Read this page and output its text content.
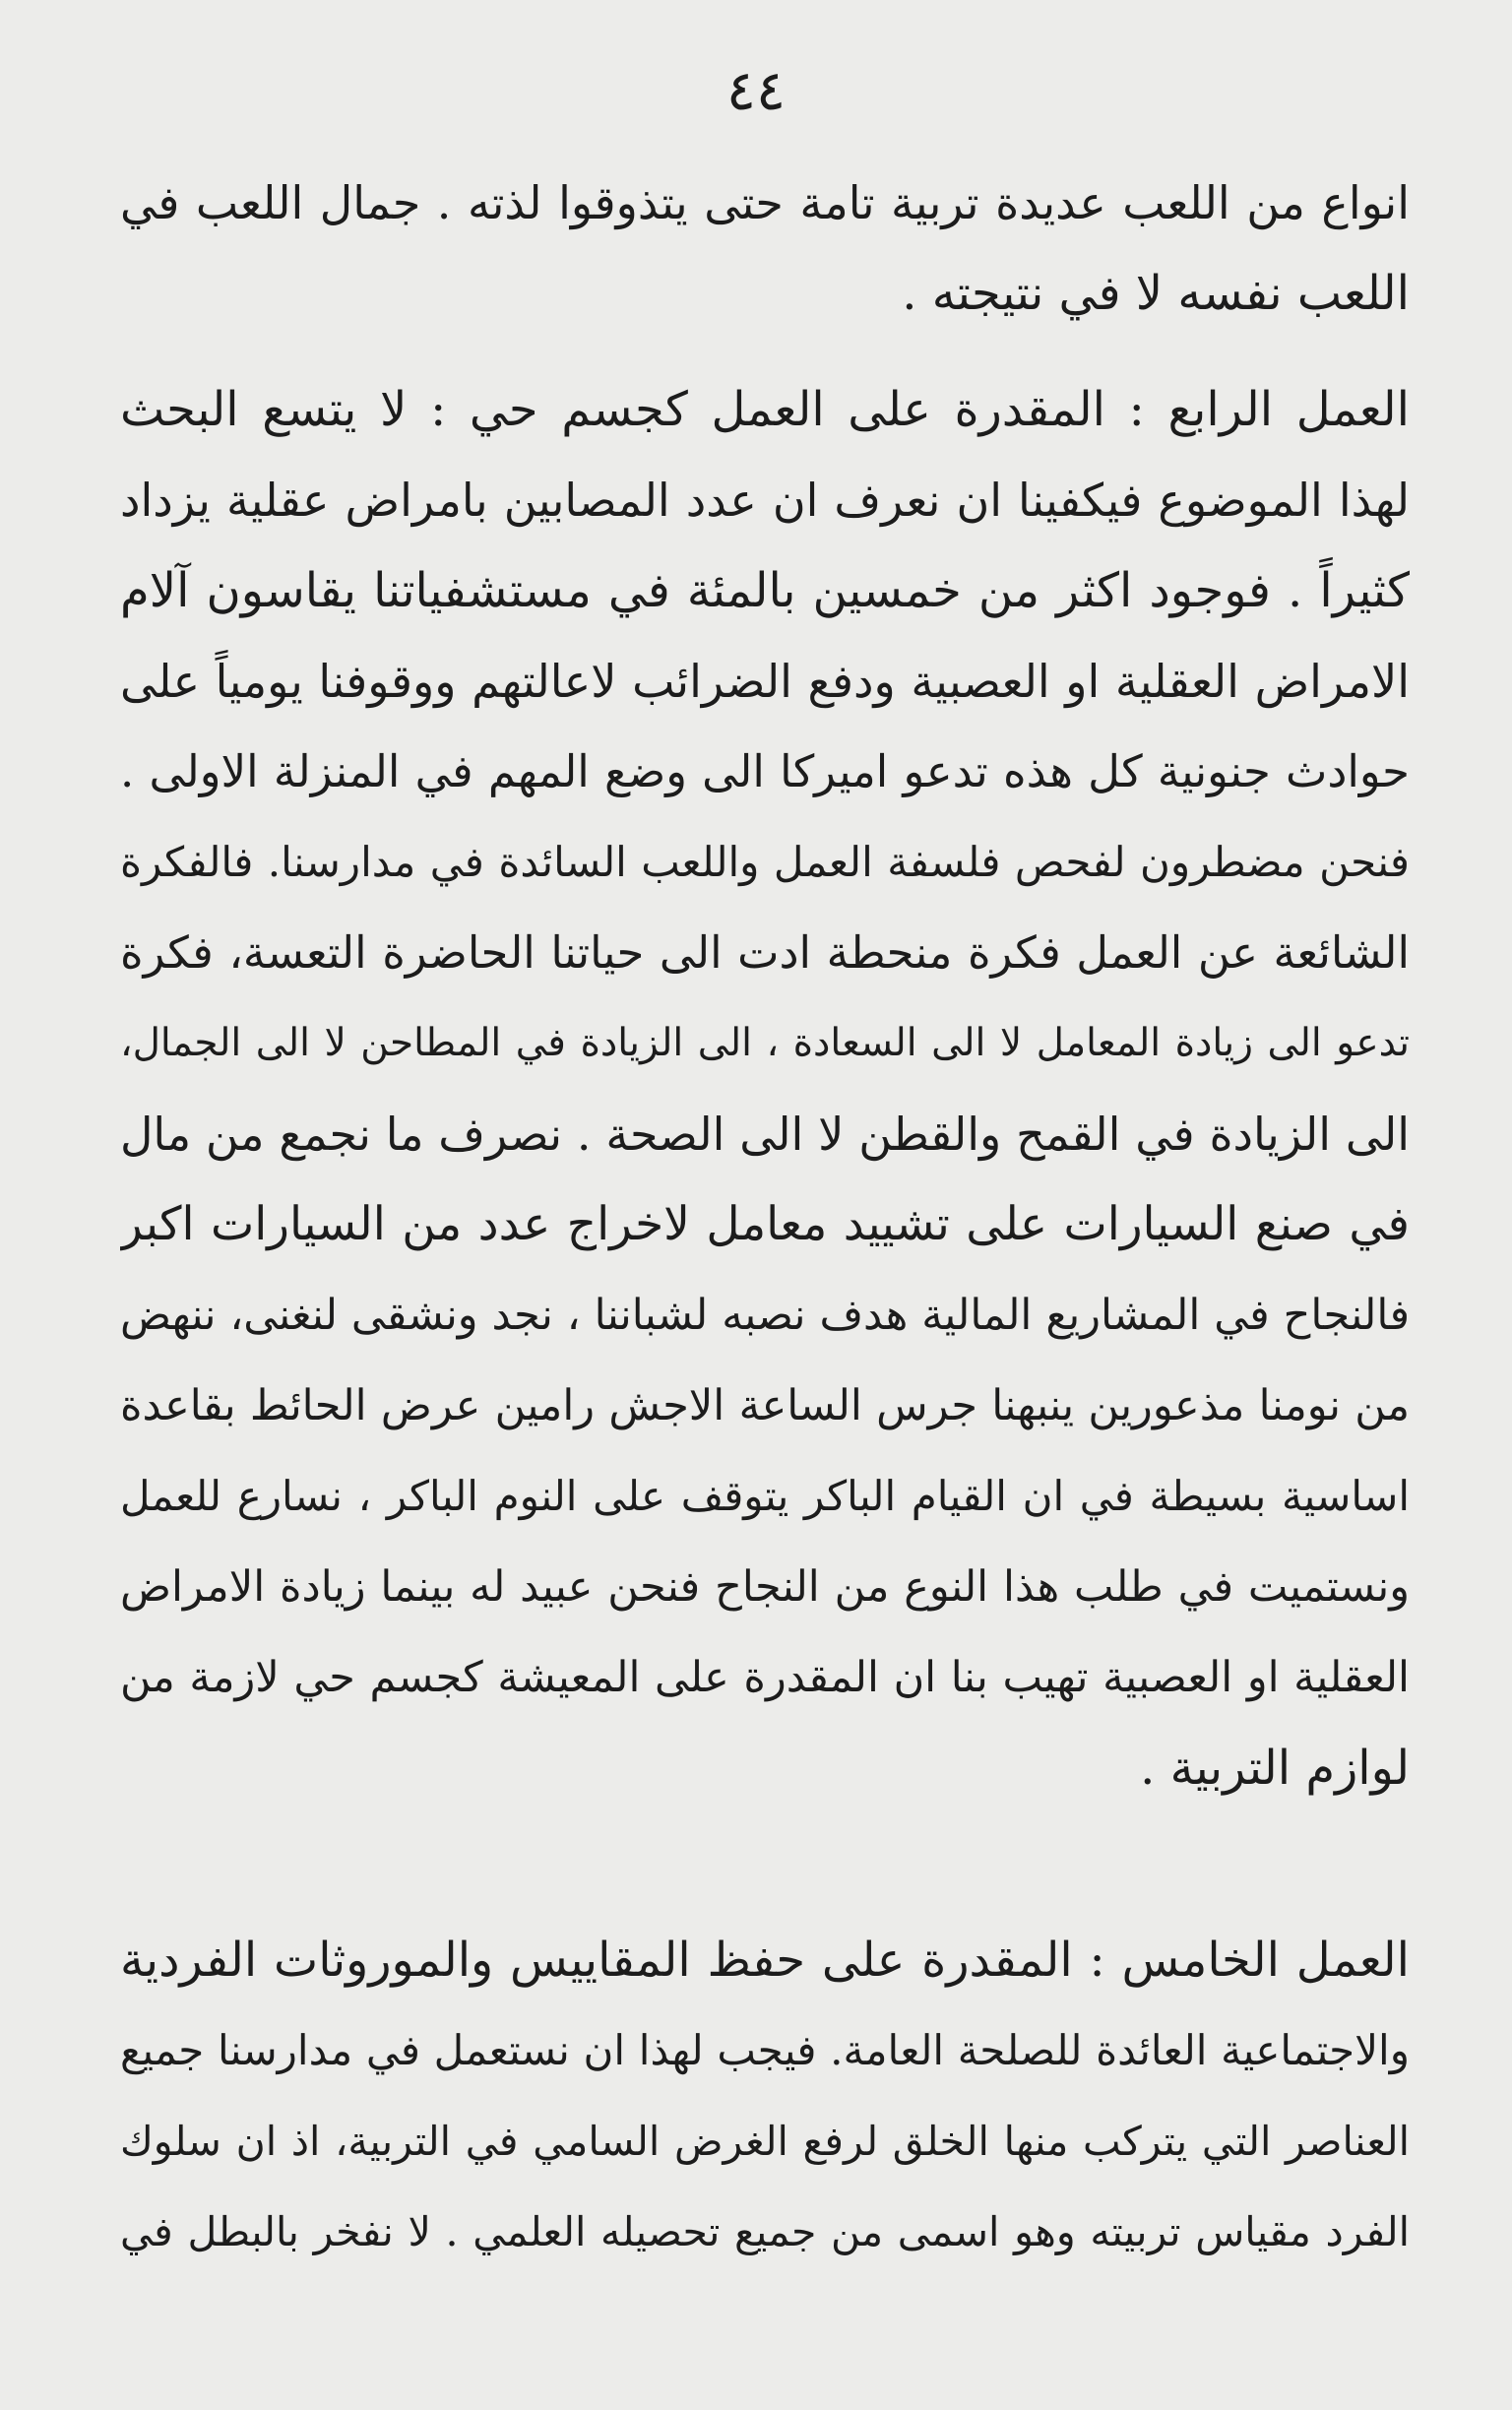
٤٤
انواع من اللعب عديدة تربية تامة حتى يتذوقوا لذته . جمال اللعب في
اللعب نفسه لا في نتيجته .
العمل الرابع : المقدرة على العمل كجسم حي : لا يتسع البحث
لهذا الموضوع فيكفينا ان نعرف ان عدد المصابين بامراض عقلية يزداد
كثيراً . فوجود اكثر من خمسين بالمئة في مستشفياتنا يقاسون آلام
الامراض العقلية او العصبية ودفع الضرائب لاعالتهم ووقوفنا يومياً على
حوادث جنونية كل هذه تدعو اميركا الى وضع المهم في المنزلة الاولى .
فنحن مضطرون لفحص فلسفة العمل واللعب السائدة في مدارسنا. فالفكرة
الشائعة عن العمل فكرة منحطة ادت الى حياتنا الحاضرة التعسة، فكرة
تدعو الى زيادة المعامل لا الى السعادة ، الى الزيادة في المطاحن لا الى الجمال،
الى الزيادة في القمح والقطن لا الى الصحة . نصرف ما نجمع من مال
في صنع السيارات على تشييد معامل لاخراج عدد من السيارات اكبر
فالنجاح في المشاريع المالية هدف نصبه لشباننا ، نجد ونشقى لنغنى، ننهض
من نومنا مذعورين ينبهنا جرس الساعة الاجش رامين عرض الحائط بقاعدة
اساسية بسيطة في ان القيام الباكر يتوقف على النوم الباكر ، نسارع للعمل
ونستميت في طلب هذا النوع من النجاح فنحن عبيد له بينما زيادة الامراض
العقلية او العصبية تهيب بنا ان المقدرة على المعيشة كجسم حي لازمة من
لوازم التربية .
العمل الخامس : المقدرة على حفظ المقاييس والموروثات الفردية
والاجتماعية العائدة للصلحة العامة. فيجب لهذا ان نستعمل في مدارسنا جميع
العناصر التي يتركب منها الخلق لرفع الغرض السامي في التربية، اذ ان سلوك
الفرد مقياس تربيته وهو اسمى من جميع تحصيله العلمي . لا نفخر بالبطل في
